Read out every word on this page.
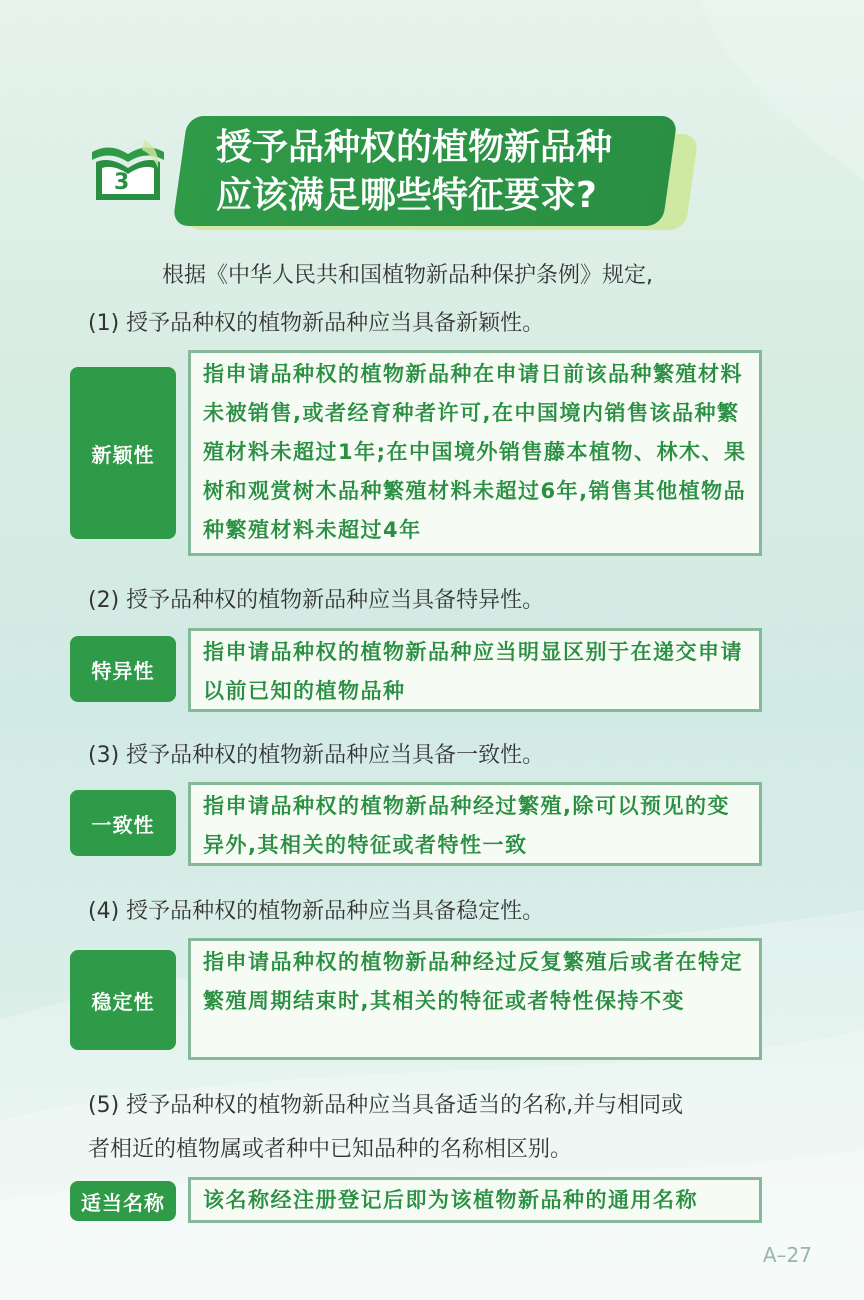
3
授予品种权的植物新品种
应该满足哪些特征要求?
根据《中华人民共和国植物新品种保护条例》规定,
(1) 授予品种权的植物新品种应当具备新颖性。
新颖性
指申请品种权的植物新品种在申请日前该品种繁殖材料未被销售,或者经育种者许可,在中国境内销售该品种繁殖材料未超过1年;在中国境外销售藤本植物、林木、果树和观赏树木品种繁殖材料未超过6年,销售其他植物品种繁殖材料未超过4年
(2) 授予品种权的植物新品种应当具备特异性。
特异性
指申请品种权的植物新品种应当明显区别于在递交申请以前已知的植物品种
(3) 授予品种权的植物新品种应当具备一致性。
一致性
指申请品种权的植物新品种经过繁殖,除可以预见的变异外,其相关的特征或者特性一致
(4) 授予品种权的植物新品种应当具备稳定性。
稳定性
指申请品种权的植物新品种经过反复繁殖后或者在特定繁殖周期结束时,其相关的特征或者特性保持不变
(5) 授予品种权的植物新品种应当具备适当的名称,并与相同或
者相近的植物属或者种中已知品种的名称相区别。
适当名称	该名称经注册登记后即为该植物新品种的通用名称
A–27
